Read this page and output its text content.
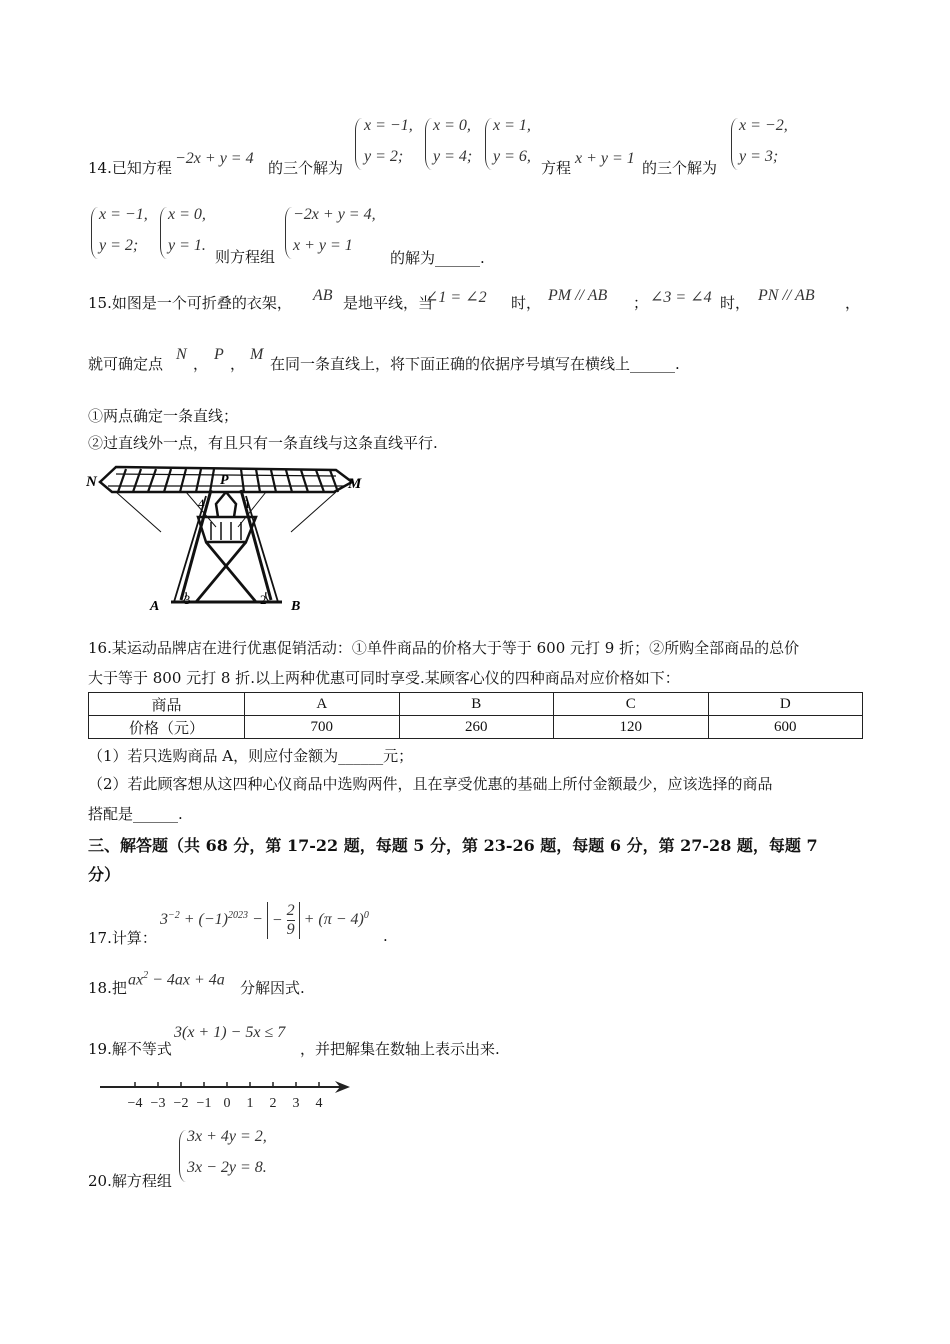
14.已知方程
−2x + y = 4
的三个解为
x = −1,
y = 2;
x = 0,
y = 4;
x = 1,
y = 6,
方程
x + y = 1
的三个解为
x = −2,
y = 3;
x = −1,
y = 2;
x = 0,
y = 1.
则方程组
−2x + y = 4,
x + y = 1
的解为______.
15.如图是一个可折叠的衣架， AB 是地平线，当
∠1 = ∠2 时， PM // AB ； ∠3 = ∠4 时， PN // AB ，
就可确定点
N
，
P
，
M
在同一条直线上，将下面正确的依据序号填写在横线上______.
①两点确定一条直线；
②过直线外一点，有且只有一条直线与这条直线平行.
N	P	M
4	1
A 3	2 B
16.某运动品牌店在进行优惠促销活动：①单件商品的价格大于等于 600 元打 9 折；②所购全部商品的总价
大于等于 800 元打 8 折.以上两种优惠可同时享受.某顾客心仪的四种商品对应价格如下：
商品	A	B	C	D
价格（元）	700	260	120	600
（1）若只选购商品 A，则应付金额为______元；
（2）若此顾客想从这四种心仪商品中选购两件，且在享受优惠的基础上所付金额最少，应该选择的商品
搭配是______.
三、解答题（共 68 分，第 17-22 题，每题 5 分，第 23-26 题，每题 6 分，第 27-28 题，每题 7
分）
17.计算：
$3^{-2} + (-1)^{2023}$ − − $\frac{2}{9} + (\pi - 4)^0$
.
18.把 $ax^2 - 4ax + 4a$ 分解因式.
19.解不等式
3(x + 1) − 5x ≤ 7
，并把解集在数轴上表示出来.
−4 −3 −2 −1 0 1 2 3 4
20.解方程组
3x + 4y = 2,
3x − 2y = 8.
